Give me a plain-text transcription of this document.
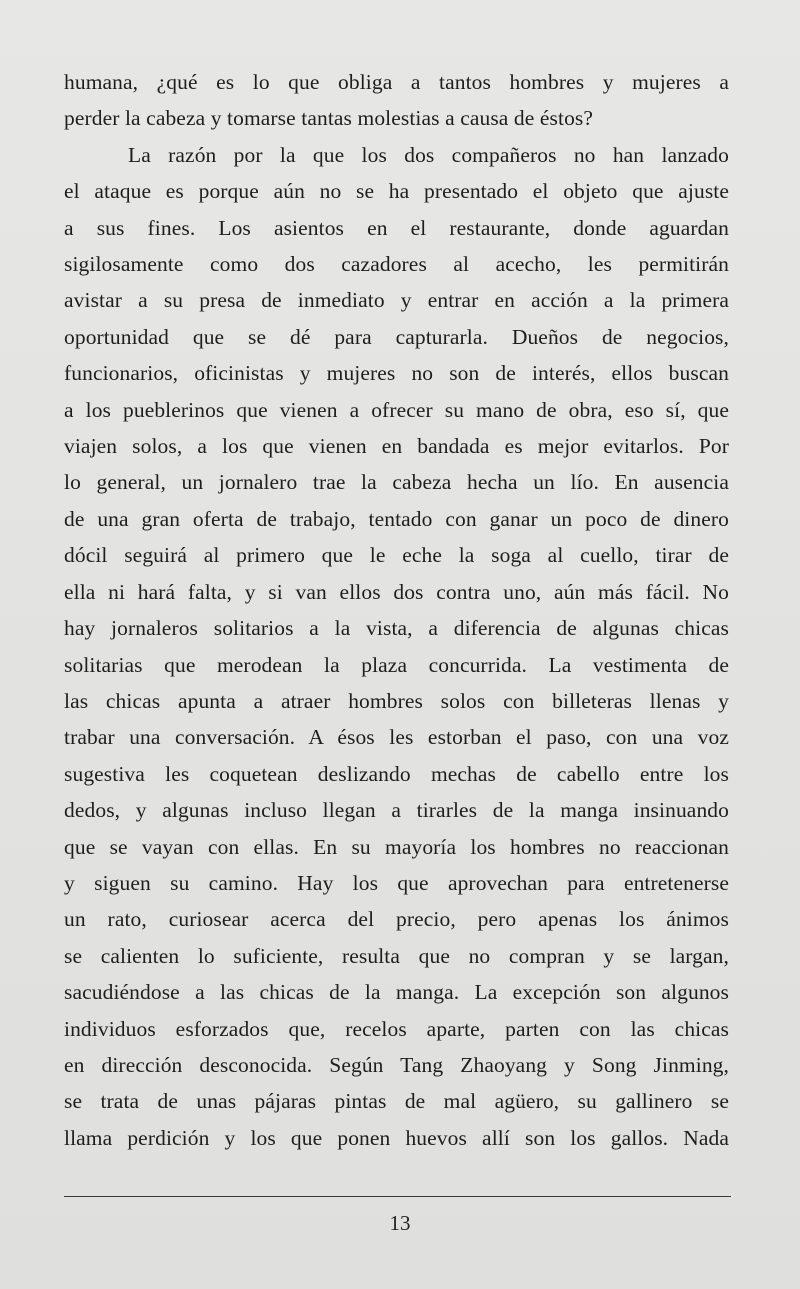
humana, ¿qué es lo que obliga a tantos hombres y mujeres a
perder la cabeza y tomarse tantas molestias a causa de éstos?

La razón por la que los dos compañeros no han lanzado
el ataque es porque aún no se ha presentado el objeto que ajuste
a sus fines. Los asientos en el restaurante, donde aguardan
sigilosamente como dos cazadores al acecho, les permitirán
avistar a su presa de inmediato y entrar en acción a la primera
oportunidad que se dé para capturarla. Dueños de negocios,
funcionarios, oficinistas y mujeres no son de interés, ellos buscan
a los pueblerinos que vienen a ofrecer su mano de obra, eso sí, que
viajen solos, a los que vienen en bandada es mejor evitarlos. Por
lo general, un jornalero trae la cabeza hecha un lío. En ausencia
de una gran oferta de trabajo, tentado con ganar un poco de dinero
dócil seguirá al primero que le eche la soga al cuello, tirar de
ella ni hará falta, y si van ellos dos contra uno, aún más fácil. No
hay jornaleros solitarios a la vista, a diferencia de algunas chicas
solitarias que merodean la plaza concurrida. La vestimenta de
las chicas apunta a atraer hombres solos con billeteras llenas y
trabar una conversación. A ésos les estorban el paso, con una voz
sugestiva les coquetean deslizando mechas de cabello entre los
dedos, y algunas incluso llegan a tirarles de la manga insinuando
que se vayan con ellas. En su mayoría los hombres no reaccionan
y siguen su camino. Hay los que aprovechan para entretenerse
un rato, curiosear acerca del precio, pero apenas los ánimos
se calienten lo suficiente, resulta que no compran y se largan,
sacudiéndose a las chicas de la manga. La excepción son algunos
individuos esforzados que, recelos aparte, parten con las chicas
en dirección desconocida. Según Tang Zhaoyang y Song Jinming,
se trata de unas pájaras pintas de mal agüero, su gallinero se
llama perdición y los que ponen huevos allí son los gallos. Nada

13
